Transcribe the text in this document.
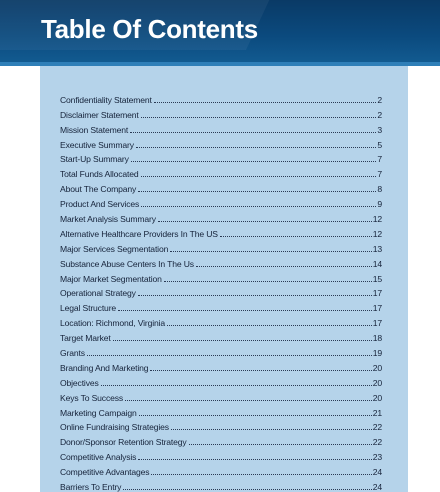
Table Of Contents
Confidentiality Statement	2
Disclaimer Statement	2
Mission Statement	3
Executive Summary	5
Start-Up Summary	7
Total Funds Allocated	7
About The Company	8
Product And Services	9
Market Analysis Summary	12
Alternative Healthcare Providers In The US	12
Major Services Segmentation	13
Substance Abuse Centers In The Us	14
Major Market Segmentation	15
Operational Strategy	17
Legal Structure	17
Location: Richmond, Virginia	17
Target Market	18
Grants	19
Branding And Marketing	20
Objectives	20
Keys To Success	20
Marketing Campaign	21
Online Fundraising Strategies	22
Donor/Sponsor Retention Strategy	22
Competitive Analysis	23
Competitive Advantages	24
Barriers To Entry	24
